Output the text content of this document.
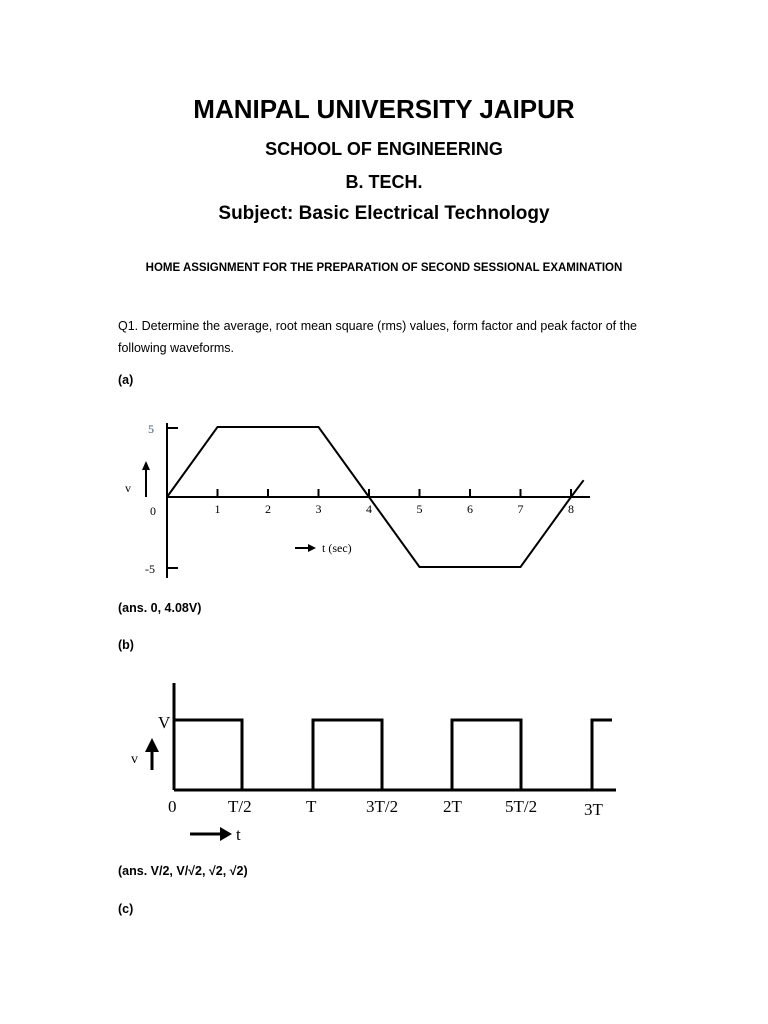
MANIPAL UNIVERSITY JAIPUR
SCHOOL OF ENGINEERING
B. TECH.
Subject: Basic Electrical Technology
HOME ASSIGNMENT FOR THE PREPARATION OF SECOND SESSIONAL EXAMINATION
Q1. Determine the average, root mean square (rms) values, form factor and peak factor of the following waveforms.
(a)
v
5
0
-5
t (sec)
1	2	3	4	5	6	7	8
(ans. 0, 4.08V)
(b)
V
v
t
0	T/2	T	3T/2	2T	5T/2	3T
(ans. V/2, V/√2, √2, √2)
(c)
